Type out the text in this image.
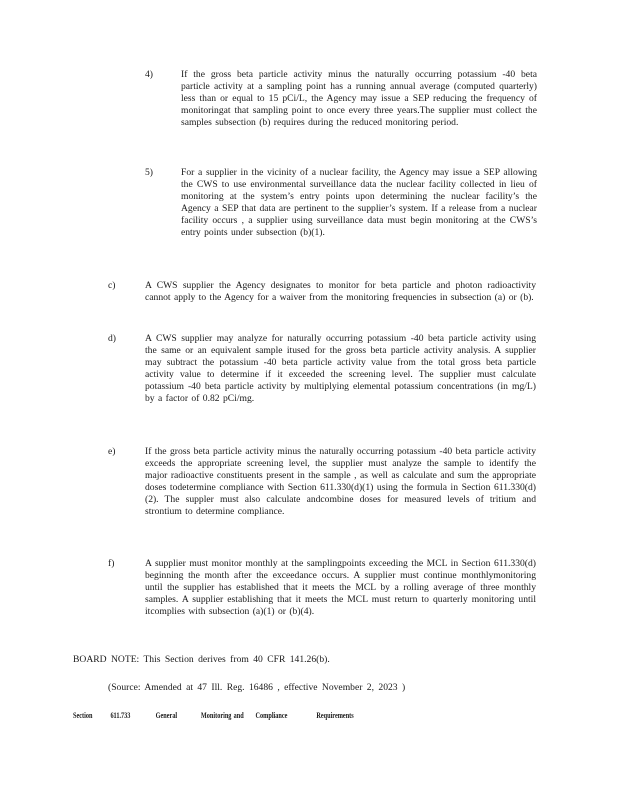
4)	If the gross beta particle activity minus the naturally occurring potassium -40 beta particle activity at a sampling point has a running annual average (computed quarterly) less than or equal to 15 pCi/L, the Agency may issue a SEP reducing the frequency of monitoringat that sampling point to once every three years.The supplier must collect the samples subsection (b) requires during the reduced monitoring period.
5)	For a supplier in the vicinity of a nuclear facility, the Agency may issue a SEP allowing the CWS to use environmental surveillance data the nuclear facility collected in lieu of monitoring at the system’s entry points upon determining the nuclear facility’s the Agency a SEP that data are pertinent to the supplier’s system. If a release from a nuclear facility occurs , a supplier using surveillance data must begin monitoring at the CWS’s entry points under subsection (b)(1).
c)	A CWS supplier the Agency designates to monitor for beta particle and photon radioactivity cannot apply to the Agency for a waiver from the monitoring frequencies in subsection (a) or (b).
d)	A CWS supplier may analyze for naturally occurring potassium -40 beta particle activity using the same or an equivalent sample itused for the gross beta particle activity analysis. A supplier may subtract the potassium -40 beta particle activity value from the total gross beta particle activity value to determine if it exceeded the screening level. The supplier must calculate potassium -40 beta particle activity by multiplying elemental potassium concentrations (in mg/L) by a factor of 0.82 pCi/mg.
e)	If the gross beta particle activity minus the naturally occurring potassium -40 beta particle activity exceeds the appropriate screening level, the supplier must analyze the sample to identify the major radioactive constituents present in the sample , as well as calculate and sum the appropriate doses todetermine compliance with Section 611.330(d)(1) using the formula in Section 611.330(d)(2). The suppler must also calculate andcombine doses for measured levels of tritium and strontium to determine compliance.
f)	A supplier must monitor monthly at the samplingpoints exceeding the MCL in Section 611.330(d) beginning the month after the exceedance occurs. A supplier must continue monthlymonitoring until the supplier has established that it meets the MCL by a rolling average of three monthly samples. A supplier establishing that it meets the MCL must return to quarterly monitoring until itcomplies with subsection (a)(1) or (b)(4).
BOARD NOTE: This Section derives from 40 CFR 141.26(b).
(Source: Amended at 47 Ill. Reg. 16486 , effective November 2, 2023 )
Section 611.733	General	Monitoring and Compliance	Requirements
